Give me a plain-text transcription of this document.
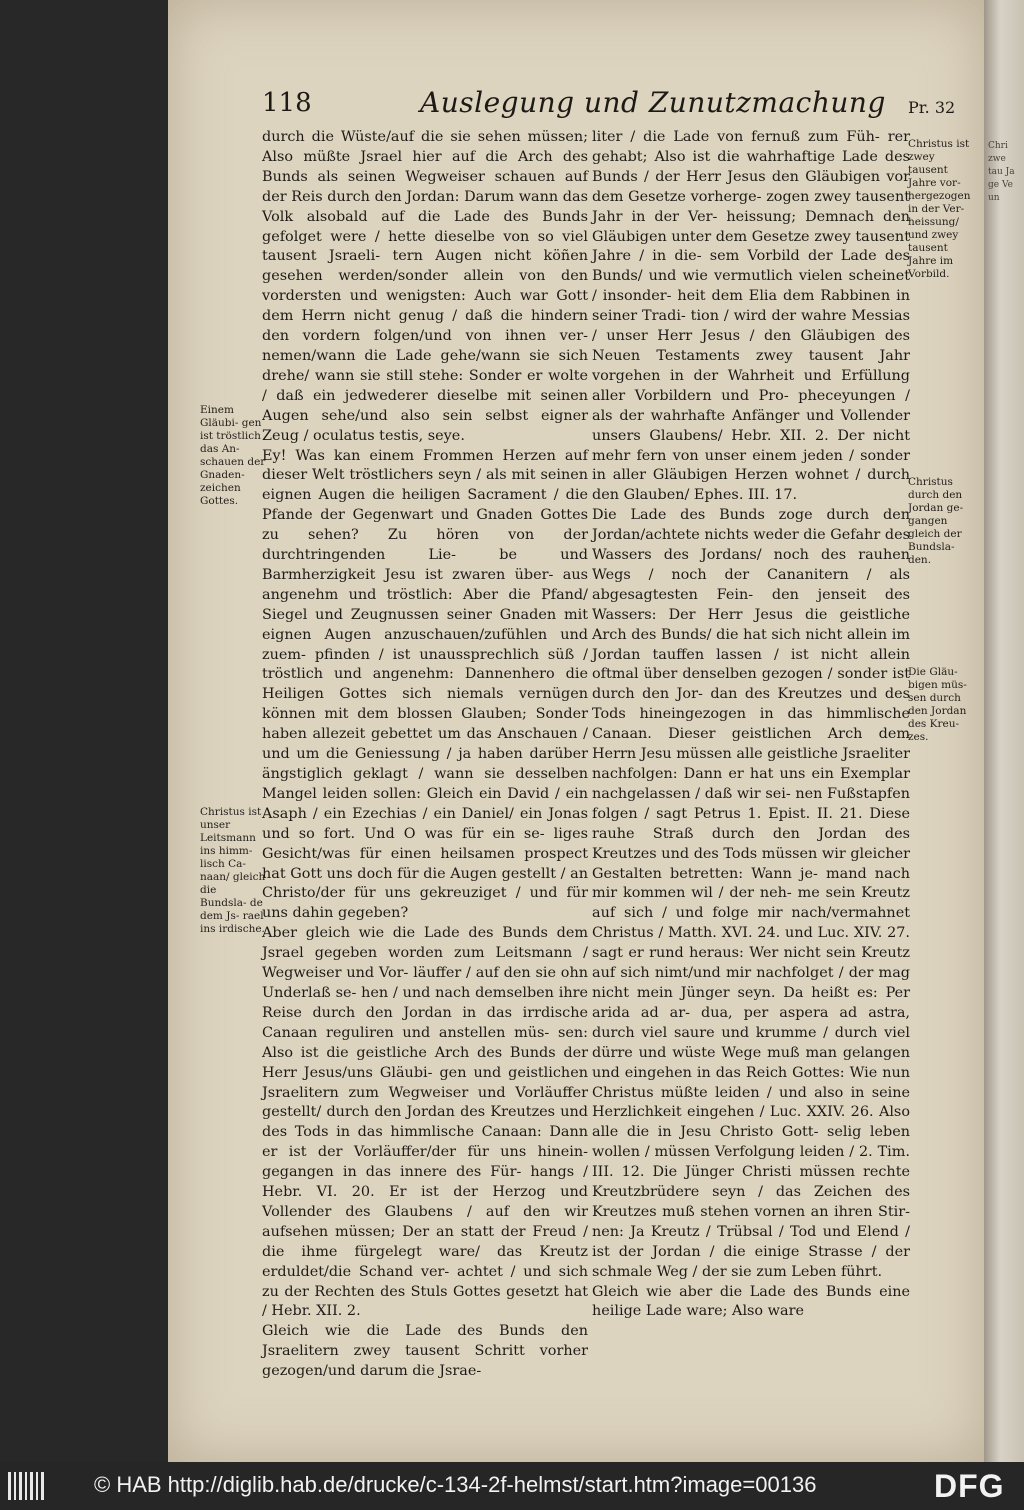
Chri zwe tau Ja ge Ve un
118	Auslegung und Zunutzmachung Pr. 32
durch die Wüste/auf die sie sehen müssen; Also müßte Jsrael hier auf die Arch des Bunds als seinen Wegweiser schauen auf der Reis durch den Jordan: Darum wann das Volk alsobald auf die Lade des Bunds gefolget were / hette dieselbe von so viel tausent Jsraeli- tern Augen nicht köñen gesehen werden/sonder allein von den vordersten und wenigsten: Auch war Gott dem Herrn nicht genug / daß die hindern den vordern folgen/und von ihnen ver- nemen/wann die Lade gehe/wann sie sich drehe/ wann sie still stehe: Sonder er wolte / daß ein jedwederer dieselbe mit seinen Augen sehe/und also sein selbst eigner Zeug / oculatus testis, seye.
Ey! Was kan einem Frommen Herzen auf dieser Welt tröstlichers seyn / als mit seinen eignen Augen die heiligen Sacrament / die Pfande der Gegenwart und Gnaden Gottes zu sehen? Zu hören von der durchtringenden Lie- be und Barmherzigkeit Jesu ist zwaren über- aus angenehm und tröstlich: Aber die Pfand/ Siegel und Zeugnussen seiner Gnaden mit eignen Augen anzuschauen/zufühlen und zuem- pfinden / ist unaussprechlich süß / tröstlich und angenehm: Dannenhero die Heiligen Gottes sich niemals vernügen können mit dem blossen Glauben; Sonder haben allezeit gebettet um das Anschauen / und um die Geniessung / ja haben darüber ängstiglich geklagt / wann sie desselben Mangel leiden sollen: Gleich ein David / ein Asaph / ein Ezechias / ein Daniel/ ein Jonas und so fort. Und O was für ein se- liges Gesicht/was für einen heilsamen prospect hat Gott uns doch für die Augen gestellt / an Christo/der für uns gekreuziget / und für uns dahin gegeben?
Aber gleich wie die Lade des Bunds dem Jsrael gegeben worden zum Leitsmann / Wegweiser und Vor- läuffer / auf den sie ohn Underlaß se- hen / und nach demselben ihre Reise durch den Jordan in das irrdische Canaan reguliren und anstellen müs- sen: Also ist die geistliche Arch des Bunds der Herr Jesus/uns Gläubi- gen und geistlichen Jsraelitern zum Wegweiser und Vorläuffer gestellt/ durch den Jordan des Kreutzes und des Tods in das himmlische Canaan: Dann er ist der Vorläuffer/der für uns hinein- gegangen in das innere des Für- hangs / Hebr. VI. 20. Er ist der Herzog und Vollender des Glaubens / auf den wir aufsehen müssen; Der an statt der Freud / die ihme fürgelegt ware/ das Kreutz erduldet/die Schand ver- achtet / und sich zu der Rechten des Stuls Gottes gesetzt hat / Hebr. XII. 2.
Gleich wie die Lade des Bunds den Jsraelitern zwey tausent Schritt vorher gezogen/und darum die Jsrae-
liter / die Lade von fernuß zum Füh- rer gehabt; Also ist die wahrhaftige Lade des Bunds / der Herr Jesus den Gläubigen vor dem Gesetze vorherge- zogen zwey tausent Jahr in der Ver- heissung; Demnach den Gläubigen unter dem Gesetze zwey tausent Jahre / in die- sem Vorbild der Lade des Bunds/ und wie vermutlich vielen scheinet / insonder- heit dem Elia dem Rabbinen in seiner Tradi- tion / wird der wahre Messias / unser Herr Jesus / den Gläubigen des Neuen Testaments zwey tausent Jahr vorgehen in der Wahrheit und Erfüllung aller Vorbildern und Pro- pheceyungen / als der wahrhafte Anfänger und Vollender unsers Glaubens/ Hebr. XII. 2. Der nicht mehr fern von unser einem jeden / sonder in aller Gläubigen Herzen wohnet / durch den Glauben/ Ephes. III. 17.
Die Lade des Bunds zoge durch den Jordan/achtete nichts weder die Gefahr des Wassers des Jordans/ noch des rauhen Wegs / noch der Cananitern / als abgesagtesten Fein- den jenseit des Wassers: Der Herr Jesus die geistliche Arch des Bunds/ die hat sich nicht allein im Jordan tauffen lassen / ist nicht allein oftmal über denselben gezogen / sonder ist durch den Jor- dan des Kreutzes und des Tods hineingezogen in das himmlische Canaan. Dieser geistlichen Arch dem Herrn Jesu müssen alle geistliche Jsraeliter nachfolgen: Dann er hat uns ein Exemplar nachgelassen / daß wir sei- nen Fußstapfen folgen / sagt Petrus 1. Epist. II. 21. Diese rauhe Straß durch den Jordan des Kreutzes und des Tods müssen wir gleicher Gestalten betretten: Wann je- mand nach mir kommen wil / der neh- me sein Kreutz auf sich / und folge mir nach/vermahnet Christus / Matth. XVI. 24. und Luc. XIV. 27. sagt er rund heraus: Wer nicht sein Kreutz auf sich nimt/und mir nachfolget / der mag nicht mein Jünger seyn. Da heißt es: Per arida ad ar- dua, per aspera ad astra, durch viel saure und krumme / durch viel dürre und wüste Wege muß man gelangen und eingehen in das Reich Gottes: Wie nun Christus müßte leiden / und also in seine Herzlichkeit eingehen / Luc. XXIV. 26. Also alle die in Jesu Christo Gott- selig leben wollen / müssen Verfolgung leiden / 2. Tim. III. 12. Die Jünger Christi müssen rechte Kreutzbrüdere seyn / das Zeichen des Kreutzes muß stehen vornen an ihren Stir- nen: Ja Kreutz / Trübsal / Tod und Elend / ist der Jordan / die einige Strasse / der schmale Weg / der sie zum Leben führt.
Gleich wie aber die Lade des Bunds eine heilige Lade ware; Also ware
Einem Gläubi- gen ist tröstlich das An- schauen der Gnaden- zeichen Gottes.
Christus ist unser Leitsmann ins himm- lisch Ca- naan/ gleich die Bundsla- de dem Js- rael ins irdische.
Christus ist zwey tausent Jahre vor- hergezogen in der Ver- heissung/ und zwey tausent Jahre im Vorbild.
Christus durch den Jordan ge- gangen gleich der Bundsla- den.
Die Gläu- bigen müs- sen durch den Jordan des Kreu- zes.
© HAB http://diglib.hab.de/drucke/c-134-2f-helmst/start.htm?image=00136	DFG
